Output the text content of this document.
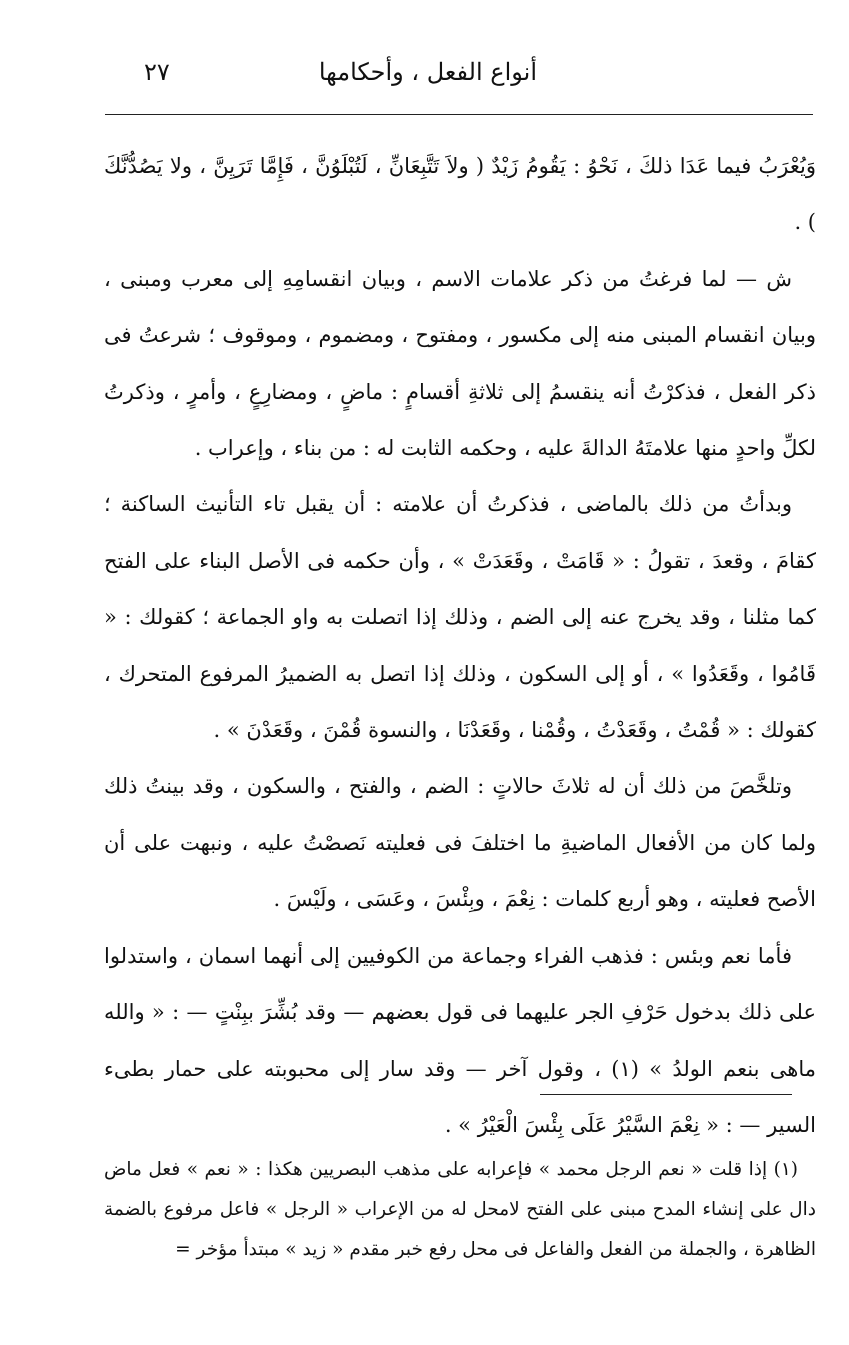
أنواع الفعل ، وأحكامها
٢٧

وَيُعْرَبُ فيما عَدَا ذلكَ ، نَحْوُ : يَقُومُ زَيْدٌ ( ولاَ تَتَّبِعَانِّ ، لَتُبْلَوُنَّ ، فَإِمَّا تَرَيِنَّ ، ولا يَصُدُّنَّكَ ) .

ش — لما فرغتُ من ذكر علامات الاسم ، وبيان انقسامِهِ إلى معرب ومبنى ، وبيان انقسام المبنى منه إلى مكسور ، ومفتوح ، ومضموم ، وموقوف ؛ شرعتُ فى ذكر الفعل ، فذكرْتُ أنه ينقسمُ إلى ثلاثةِ أقسامٍ : ماضٍ ، ومضارِعٍ ، وأمرٍ ، وذكرتُ لكلِّ واحدٍ منها علامتَهُ الدالةَ عليه ، وحكمه الثابت له : من بناء ، وإعراب .

وبدأتُ من ذلك بالماضى ، فذكرتُ أن علامته : أن يقبل تاء التأنيث الساكنة ؛ كقامَ ، وقعدَ ، تقولُ : « قَامَتْ ، وقَعَدَتْ » ، وأن حكمه فى الأصل البناء على الفتح كما مثلنا ، وقد يخرج عنه إلى الضم ، وذلك إذا اتصلت به واو الجماعة ؛ كقولك : « قَامُوا ، وقَعَدُوا » ، أو إلى السكون ، وذلك إذا اتصل به الضميرُ المرفوع المتحرك ، كقولك : « قُمْتُ ، وقَعَدْتُ ، وقُمْنا ، وقَعَدْنَا ، والنسوة قُمْنَ ، وقَعَدْنَ » .

وتلخَّصَ من ذلك أن له ثلاثَ حالاتٍ : الضم ، والفتح ، والسكون ، وقد بينتُ ذلك ولما كان من الأفعال الماضيةِ ما اختلفَ فى فعليته نَصصْتُ عليه ، ونبهت على أن الأصح فعليته ، وهو أربع كلمات : نِعْمَ ، وبِئْسَ ، وعَسَى ، ولَيْسَ .

فأما نعم وبئس : فذهب الفراء وجماعة من الكوفيين إلى أنهما اسمان ، واستدلوا على ذلك بدخول حَرْفِ الجر عليهما فى قول بعضهم — وقد بُشِّرَ ببِنْتٍ — : « والله ماهى بنعم الولدُ » (١) ، وقول آخر — وقد سار إلى محبوبته على حمار بطىء السير — : « نِعْمَ السَّيْرُ عَلَى بِئْسَ الْعَيْرُ » .

(١) إذا قلت « نعم الرجل محمد » فإعرابه على مذهب البصريين هكذا : « نعم » فعل ماض دال على إنشاء المدح مبنى على الفتح لامحل له من الإعراب « الرجل » فاعل مرفوع بالضمة الظاهرة ، والجملة من الفعل والفاعل فى محل رفع خبر مقدم « زيد » مبتدأ مؤخر =
